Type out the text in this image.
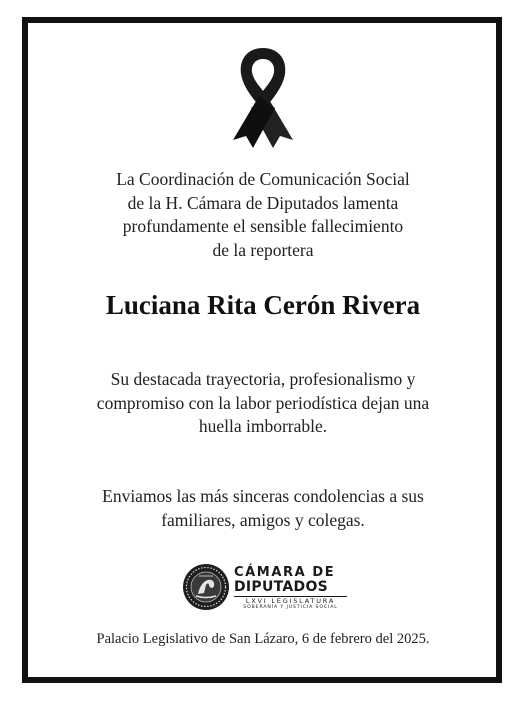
La Coordinación de Comunicación Social
de la H. Cámara de Diputados lamenta
profundamente el sensible fallecimiento
de la reportera
Luciana Rita Cerón Rivera
Su destacada trayectoria, profesionalismo y
compromiso con la labor periodística dejan una
huella imborrable.
Enviamos las más sinceras condolencias a sus
familiares, amigos y colegas.
CÁMARA DE
DIPUTADOS
LXVI LEGISLATURA
SOBERANÍA Y JUSTICIA SOCIAL
Palacio Legislativo de San Lázaro, 6 de febrero del 2025.
